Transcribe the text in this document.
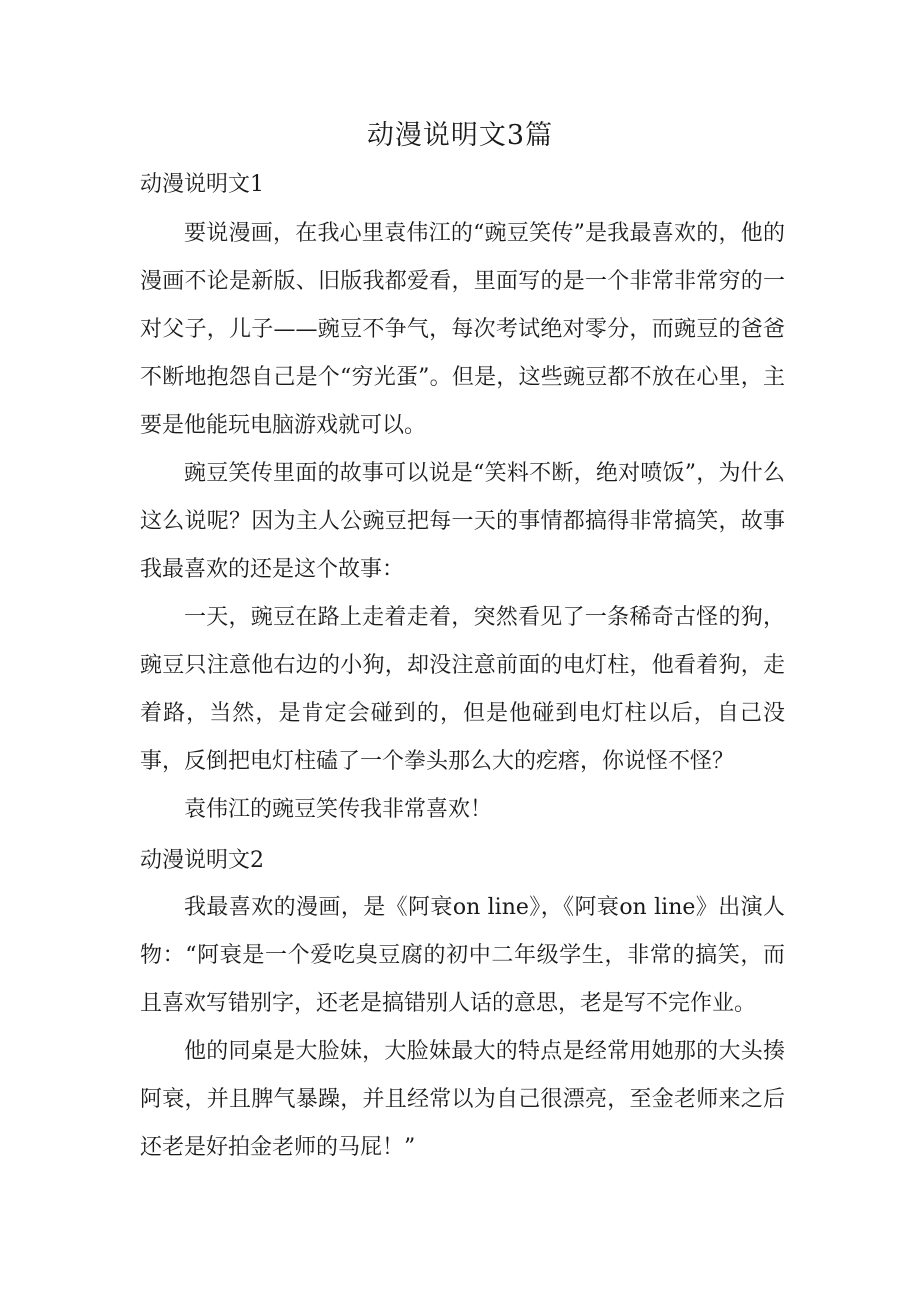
动漫说明文3篇
动漫说明文1

要说漫画，在我心里袁伟江的“豌豆笑传”是我最喜欢的，他的漫画不论是新版、旧版我都爱看，里面写的是一个非常非常穷的一对父子，儿子——豌豆不争气，每次考试绝对零分，而豌豆的爸爸不断地抱怨自己是个“穷光蛋”。但是，这些豌豆都不放在心里，主要是他能玩电脑游戏就可以。

豌豆笑传里面的故事可以说是“笑料不断，绝对喷饭”，为什么这么说呢？因为主人公豌豆把每一天的事情都搞得非常搞笑，故事我最喜欢的还是这个故事：

一天，豌豆在路上走着走着，突然看见了一条稀奇古怪的狗，豌豆只注意他右边的小狗，却没注意前面的电灯柱，他看着狗，走着路，当然，是肯定会碰到的，但是他碰到电灯柱以后，自己没事，反倒把电灯柱磕了一个拳头那么大的疙瘩，你说怪不怪？

袁伟江的豌豆笑传我非常喜欢！

动漫说明文2

我最喜欢的漫画，是《阿衰on line》，《阿衰on line》出演人物：“阿衰是一个爱吃臭豆腐的初中二年级学生，非常的搞笑，而且喜欢写错别字，还老是搞错别人话的意思，老是写不完作业。

他的同桌是大脸妹，大脸妹最大的特点是经常用她那的大头揍阿衰，并且脾气暴躁，并且经常以为自己很漂亮，至金老师来之后还老是好拍金老师的马屁！”
